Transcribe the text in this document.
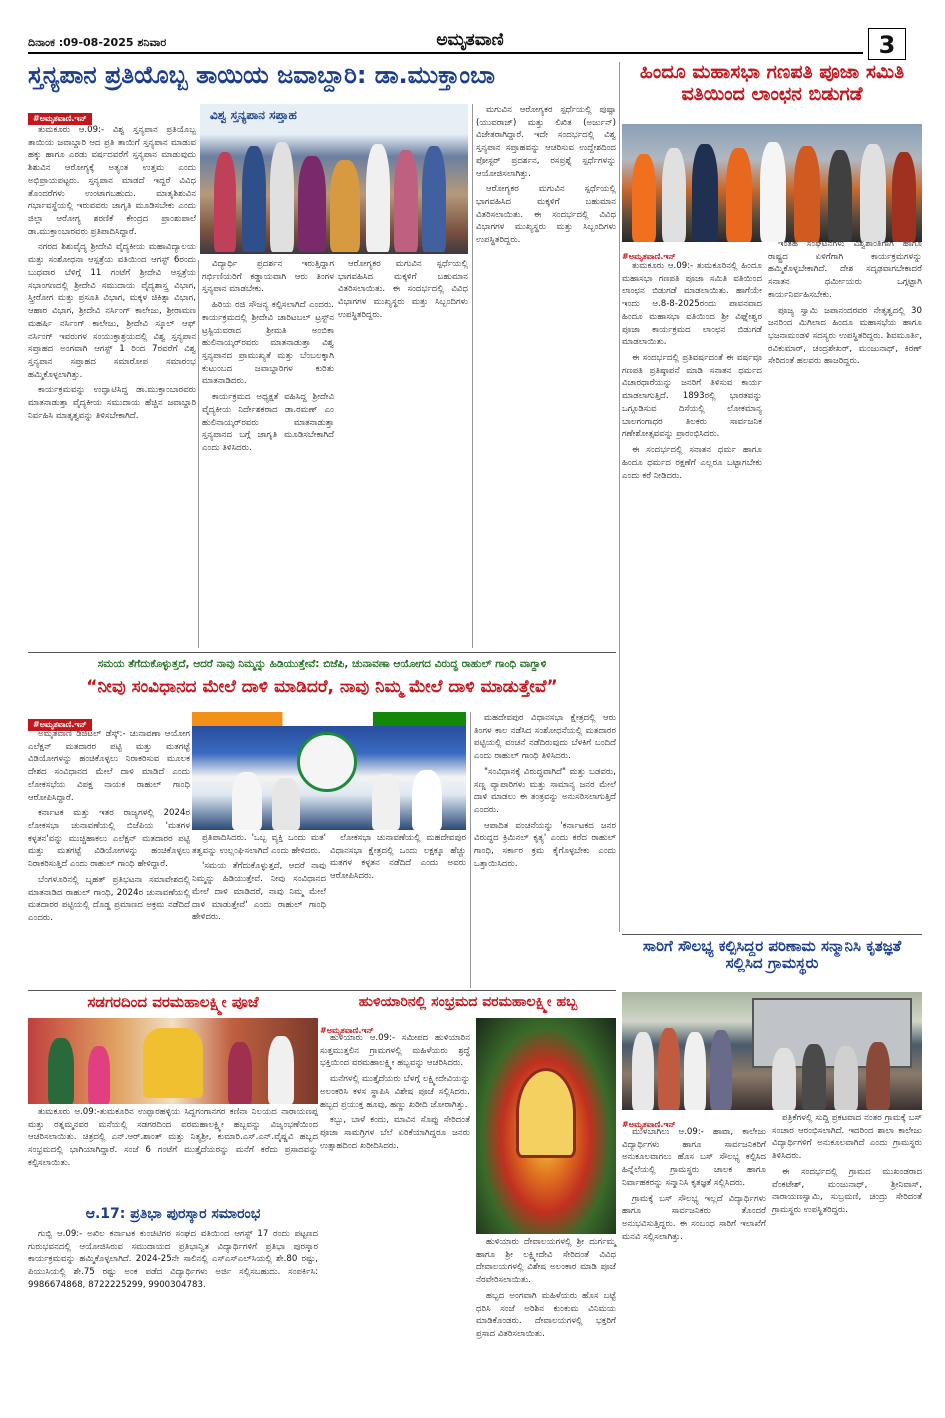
ದಿನಾಂಕ :09-08-2025 ಶನಿವಾರ	ಅಮೃತವಾಣಿ	3
ಸ್ತನ್ಯಪಾನ ಪ್ರತಿಯೊಬ್ಬ ತಾಯಿಯ ಜವಾಬ್ದಾರಿ: ಡಾ.ಮುಕ್ತಾಂಬಾ	ಹಿಂದೂ ಮಹಾಸಭಾ ಗಣಪತಿ ಪೂಜಾ ಸಮಿತಿ ವತಿಯಿಂದ ಲಾಂಛನ ಬಿಡುಗಡೆ
#ಅಮೃತವಾಣಿ.ಇನ್	ವಿಶ್ವ ಸ್ತನ್ಯಪಾನ ಸಪ್ತಾಹ
#ಅಮೃತವಾಣಿ.ಇನ್

ತುಮಕೂರು ಆ.09:- ವಿಶ್ವ ಸ್ತನ್ಯಪಾನ ಪ್ರತಿಯೊಬ್ಬ ತಾಯಿಯ ಜವಾಬ್ದಾರಿ ಆದ ಪ್ರತಿ ತಾಯಿಗೆ ಸ್ತನ್ಯಪಾನ ಮಾಡುವ ಹಕ್ಕು ಹಾಗೂ ಎರಡು ವರ್ಷದವರೆಗೆ ಸ್ತನ್ಯಪಾನ ಮಾಡುವುದು ಶಿಶುವಿನ ಆರೋಗ್ಯಕ್ಕೆ ಅತ್ಯಂತ ಉತ್ತಮ ಎಂದು ಅಭಿಪ್ರಾಯಪಟ್ಟರು. ಸ್ತನ್ಯಪಾನ ಮಾಡದೆ ಇದ್ದರೆ ವಿವಿಧ ತೊಂದರೆಗಳು ಉಂಟಾಗಬಹುದು. ಮಾತೃಶಿಶುವಿನ ಗರ್ಭಾವಸ್ಥೆಯಲ್ಲಿ ಇರುವವರು ಜಾಗೃತಿ ಮೂಡಿಸಬೇಕು ಎಂದು ಜಿಲ್ಲಾ ಆರೋಗ್ಯ ಶರಣಿಕೆ ಕೇಂದ್ರದ ಪ್ರಾಂಶುಪಾಲೆ ಡಾ.ಮುಕ್ತಾಂಬಾರವರು ಪ್ರತಿಪಾದಿಸಿದ್ದಾರೆ.

ನಗರದ ಶಿಶುವೈದ್ಯ ಶ್ರೀದೇವಿ ವೈದ್ಯಕೀಯ ಮಹಾವಿದ್ಯಾಲಯ ಮತ್ತು ಸಂಶೋಧನಾ ಆಸ್ಪತ್ರೆಯ ವತಿಯಿಂದ ಆಗಸ್ಟ್ 6ರಂದು ಬುಧವಾರ ಬೆಳಿಗ್ಗೆ 11 ಗಂಟೆಗೆ ಶ್ರೀದೇವಿ ಆಸ್ಪತ್ರೆಯ ಸಭಾಂಗಣದಲ್ಲಿ ಶ್ರೀದೇವಿ ಸಮುದಾಯ ವೈದ್ಯಶಾಸ್ತ್ರ ವಿಭಾಗ, ಸ್ತ್ರೀರೋಗ ಮತ್ತು ಪ್ರಸೂತಿ ವಿಭಾಗ, ಮಕ್ಕಳ ಚಿಕಿತ್ಸಾ ವಿಭಾಗ, ಆಹಾರ ವಿಭಾಗ, ಶ್ರೀದೇವಿ ನರ್ಸಿಂಗ್ ಕಾಲೇಜು, ಶ್ರೀರಾಮಣ ಮಹರ್ಷಿ ನರ್ಸಿಂಗ್ ಕಾಲೇಜು, ಶ್ರೀದೇವಿ ಸ್ಕೂಲ್ ಆಫ್ ನರ್ಸಿಂಗ್ ಇವರುಗಳ ಸಂಯುಕ್ತಾಶ್ರಯದಲ್ಲಿ ವಿಶ್ವ ಸ್ತನ್ಯಪಾನ ಸಪ್ತಾಹದ ಅಂಗವಾಗಿ ಆಗಸ್ಟ್ 1 ರಿಂದ 7ರವರೆಗೆ ವಿಶ್ವ ಸ್ತನ್ಯಪಾನ ಸಪ್ತಾಹದ ಸಮಾರೋಪ ಸಮಾರಂಭ ಹಮ್ಮಿಕೊಳ್ಳಲಾಗಿತ್ತು.

ಕಾರ್ಯಕ್ರಮವನ್ನು ಉದ್ಘಾಟಿಸಿದ್ದ ಡಾ.ಮುಕ್ತಾಂಬಾರವರು ಮಾತನಾಡುತ್ತಾ ವೈದ್ಯಕೀಯ ಸಮುದಾಯ ಹೆಚ್ಚಿನ ಜವಾಬ್ದಾರಿ ನಿರ್ವಹಿಸಿ ಮಾತೃತ್ವವನ್ನು ತಿಳಿಸಬೇಕಾಗಿದೆ.

ವಿದ್ಯಾರ್ಥಿ ಪ್ರದರ್ಶನ ಇರುತ್ತಿದ್ದಾಗ ಗರ್ಭಿಣಿಯರಿಗೆ ಕಡ್ಡಾಯವಾಗಿ ಆರು ತಿಂಗಳ ಸ್ತನ್ಯಪಾನ ಮಾಡಬೇಕು.

ಹಿರಿಯ ರಜಿ ಸೌಜನ್ಯ ಕಲ್ಪಿಸಲಾಗಿದೆ ಎಂದರು. ಕಾರ್ಯಕ್ರಮದಲ್ಲಿ ಶ್ರೀದೇವಿ ಚಾರಿಟಬಲ್ ಟ್ರಸ್ಟ್‌ನ ಟ್ರಸ್ಟಿಯವರಾದ ಶ್ರೀಮತಿ ಅಂಬಿಕಾ ಹುಲಿನಾಯ್ಕರ್‌ರವರು ಮಾತನಾಡುತ್ತಾ ವಿಶ್ವ ಸ್ತನ್ಯಪಾನದ ಪ್ರಾಮುಖ್ಯತೆ ಮತ್ತು ಬೆಂಬಲಕ್ಕಾಗಿ ಕುಟುಂಬದ ಜವಾಬ್ದಾರಿಗಳ ಕುರಿತು ಮಾತನಾಡಿದರು.

ಕಾರ್ಯಕ್ರಮದ ಅಧ್ಯಕ್ಷತೆ ವಹಿಸಿದ್ದ ಶ್ರೀದೇವಿ ವೈದ್ಯಕೀಯ ನಿರ್ದೇಶಕರಾದ ಡಾ.ರಮಣ್ ಎಂ ಹುಲಿನಾಯ್ಕರ್‌ರವರು ಮಾತನಾಡುತ್ತಾ ಸ್ತನ್ಯಪಾನದ ಬಗ್ಗೆ ಜಾಗೃತಿ ಮೂಡಿಸಬೇಕಾಗಿದೆ ಎಂದು ತಿಳಿಸಿದರು.

ಆರೋಗ್ಯಕರ ಮಗುವಿನ ಸ್ಪರ್ಧೆಯಲ್ಲಿ ಭಾಗವಹಿಸಿದ ಮಕ್ಕಳಿಗೆ ಬಹುಮಾನ ವಿತರಿಸಲಾಯಿತು. ಈ ಸಂದರ್ಭದಲ್ಲಿ ವಿವಿಧ ವಿಭಾಗಗಳ ಮುಖ್ಯಸ್ಥರು ಮತ್ತು ಸಿಬ್ಬಂದಿಗಳು ಉಪಸ್ಥಿತರಿದ್ದರು.

ಮಗುವಿನ ಆರೋಗ್ಯಕರ ಸ್ಪರ್ಧೆಯಲ್ಲಿ ಪುಷ್ಪಾ (ಯುವರಾಜ್) ಮತ್ತು ಲಿಖಿತ (ಅರ್ಜುನ್) ವಿಜೇತರಾಗಿದ್ದಾರೆ. ಇದೇ ಸಂದರ್ಭದಲ್ಲಿ ವಿಶ್ವ ಸ್ತನ್ಯಪಾನ ಸಪ್ತಾಹವನ್ನು ಆಚರಿಸುವ ಉದ್ದೇಶದಿಂದ ಪೋಸ್ಟರ್ ಪ್ರದರ್ಶನ, ರಸಪ್ರಶ್ನೆ ಸ್ಪರ್ಧೆಗಳನ್ನು ಆಯೋಜಿಸಲಾಗಿತ್ತು.

ಆರೋಗ್ಯಕರ ಮಗುವಿನ ಸ್ಪರ್ಧೆಯಲ್ಲಿ ಭಾಗವಹಿಸಿದ ಮಕ್ಕಳಿಗೆ ಬಹುಮಾನ ವಿತರಿಸಲಾಯಿತು. ಈ ಸಂದರ್ಭದಲ್ಲಿ ವಿವಿಧ ವಿಭಾಗಗಳ ಮುಖ್ಯಸ್ಥರು ಮತ್ತು ಸಿಬ್ಬಂದಿಗಳು ಉಪಸ್ಥಿತರಿದ್ದರು.

ತುಮಕೂರು ಆ.09:- ತುಮಕೂರಿನಲ್ಲಿ ಹಿಂದೂ ಮಹಾಸಭಾ ಗಣಪತಿ ಪೂಜಾ ಸಮಿತಿ ವತಿಯಿಂದ ಲಾಂಛನ ಬಿಡುಗಡೆ ಮಾಡಲಾಯಿತು. ಹಾಗೆಯೇ ಇಂದು ಆ.8-8-2025ರಂದು ಪಾವನವಾದ ಹಿಂದೂ ಮಹಾಸಭಾ ವತಿಯಿಂದ ಶ್ರೀ ವಿಘ್ನೇಶ್ವರ ಪೂಜಾ ಕಾರ್ಯಕ್ರಮದ ಲಾಂಛನ ಬಿಡುಗಡೆ ಮಾಡಲಾಯಿತು.

ಈ ಸಂದರ್ಭದಲ್ಲಿ ಪ್ರತಿವರ್ಷದಂತೆ ಈ ವರ್ಷವೂ ಗಣಪತಿ ಪ್ರತಿಷ್ಠಾಪನೆ ಮಾಡಿ ಸನಾತನ ಧರ್ಮದ ವಿಚಾರಧಾರೆಯನ್ನು ಜನರಿಗೆ ತಿಳಿಸುವ ಕಾರ್ಯ ಮಾಡಲಾಗುತ್ತಿದೆ. 1893ರಲ್ಲಿ ಭಾರತವನ್ನು ಒಗ್ಗೂಡಿಸುವ ದಿಸೆಯಲ್ಲಿ ಲೋಕಮಾನ್ಯ ಬಾಲಗಂಗಾಧರ ತಿಲಕರು ಸಾರ್ವಜನಿಕ ಗಣೇಶೋತ್ಸವವನ್ನು ಪ್ರಾರಂಭಿಸಿದರು.

ಈ ಸಂದರ್ಭದಲ್ಲಿ ಸನಾತನ ಧರ್ಮ ಹಾಗೂ ಹಿಂದೂ ಧರ್ಮದ ರಕ್ಷಣೆಗೆ ಎಲ್ಲರೂ ಒಟ್ಟಾಗಬೇಕು ಎಂದು ಕರೆ ನೀಡಿದರು.

ಇಂತಹ ಸಂಘಟನೆಗಳು ವಿಶ್ವಶಾಂತಿಗಾಗಿ ಹಾಗೂ ರಾಷ್ಟ್ರದ ಏಳಿಗೆಗಾಗಿ ಕಾರ್ಯಕ್ರಮಗಳನ್ನು ಹಮ್ಮಿಕೊಳ್ಳಬೇಕಾಗಿದೆ. ದೇಶ ಸದೃಢವಾಗಬೇಕಾದರೆ ಸನಾತನ ಧರ್ಮೀಯರು ಒಗ್ಗಟ್ಟಾಗಿ ಕಾರ್ಯನಿರ್ವಹಿಸಬೇಕು.

ಪೂಜ್ಯ ಸ್ವಾಮಿ ಜಪಾನಂದರವರ ನೇತೃತ್ವದಲ್ಲಿ 30 ಜನರಿಂದ ಮಿಗಿಲಾದ ಹಿಂದೂ ಮಹಾಸಭೆಯ ಹಾಗೂ ಭಜನಾಮಂಡಳಿ ಸದಸ್ಯರು ಉಪಸ್ಥಿತರಿದ್ದರು. ಶಿವಮೂರ್ತಿ, ರವಿಕುಮಾರ್, ಚಂದ್ರಶೇಖರ್, ಮಂಜುನಾಥ್, ಕಿರಣ್ ಸೇರಿದಂತೆ ಹಲವರು ಹಾಜರಿದ್ದರು.

ಸಮಯ ತೆಗೆದುಕೊಳ್ಳುತ್ತದೆ, ಆದರೆ ನಾವು ನಿಮ್ಮನ್ನು ಹಿಡಿಯುತ್ತೇವೆ: ಬಿಜೆಪಿ, ಚುನಾವಣಾ ಆಯೋಗದ ವಿರುದ್ಧ ರಾಹುಲ್ ಗಾಂಧಿ ವಾಗ್ದಾಳಿ
“ನೀವು ಸಂವಿಧಾನದ ಮೇಲೆ ದಾಳಿ ಮಾಡಿದರೆ, ನಾವು ನಿಮ್ಮ ಮೇಲೆ ದಾಳಿ ಮಾಡುತ್ತೇವೆ”
#ಅಮೃತವಾಣಿ.ಇನ್

ಅಮೃತವಾಣಿ ಡಿಜಿಟಲ್ ಡೆಸ್ಕ್:- ಚುನಾವಣಾ ಆಯೋಗ ಎಲೆಕ್ಷನ್ ಮತದಾರರ ಪಟ್ಟಿ ಮತ್ತು ಮತಗಟ್ಟೆ ವಿಡಿಯೋಗಳನ್ನು ಹಂಚಿಕೊಳ್ಳಲು ನಿರಾಕರಿಸುವ ಮೂಲಕ ದೇಶದ ಸಂವಿಧಾನದ ಮೇಲೆ ದಾಳಿ ಮಾಡಿದೆ ಎಂದು ಲೋಕಸಭೆಯ ವಿಪಕ್ಷ ನಾಯಕ ರಾಹುಲ್ ಗಾಂಧಿ ಆರೋಪಿಸಿದ್ದಾರೆ.

ಕರ್ನಾಟಕ ಮತ್ತು ಇತರ ರಾಜ್ಯಗಳಲ್ಲಿ 2024ರ ಲೋಕಸಭಾ ಚುನಾವಣೆಯಲ್ಲಿ ಬಿಜೆಪಿಯ 'ಮತಗಳ ಕಳ್ಳತನ'ವನ್ನು ಮುಚ್ಚಿಹಾಕಲು ಎಲೆಕ್ಷನ್ ಮತದಾರರ ಪಟ್ಟಿ ಮತ್ತು ಮತಗಟ್ಟೆ ವಿಡಿಯೋಗಳನ್ನು ಹಂಚಿಕೊಳ್ಳಲು ನಿರಾಕರಿಸುತ್ತಿದೆ ಎಂದು ರಾಹುಲ್ ಗಾಂಧಿ ಹೇಳಿದ್ದಾರೆ.

ಬೆಂಗಳೂರಿನಲ್ಲಿ ಬೃಹತ್ ಪ್ರತಿಭಟನಾ ಸಮಾವೇಶದಲ್ಲಿ ಮಾತನಾಡಿದ ರಾಹುಲ್ ಗಾಂಧಿ, 2024ರ ಚುನಾವಣೆಯಲ್ಲಿ ಮತದಾರರ ಪಟ್ಟಿಯಲ್ಲಿ ದೊಡ್ಡ ಪ್ರಮಾಣದ ಅಕ್ರಮ ನಡೆದಿದೆ ಎಂದರು.

ಪ್ರತಿಪಾದಿಸಿದರು. 'ಒಬ್ಬ ವ್ಯಕ್ತಿ ಒಂದು ಮತ' ತತ್ವವನ್ನು ಉಲ್ಲಂಘಿಸಲಾಗಿದೆ ಎಂದು ಹೇಳಿದರು.

'ಸಮಯ ತೆಗೆದುಕೊಳ್ಳುತ್ತದೆ, ಆದರೆ ನಾವು ನಿಮ್ಮನ್ನು ಹಿಡಿಯುತ್ತೇವೆ. ನೀವು ಸಂವಿಧಾನದ ಮೇಲೆ ದಾಳಿ ಮಾಡಿದರೆ, ನಾವು ನಿಮ್ಮ ಮೇಲೆ ದಾಳಿ ಮಾಡುತ್ತೇವೆ' ಎಂದು ರಾಹುಲ್ ಗಾಂಧಿ ಹೇಳಿದರು.

ಲೋಕಸಭಾ ಚುನಾವಣೆಯಲ್ಲಿ ಮಹದೇವಪುರ ವಿಧಾನಸಭಾ ಕ್ಷೇತ್ರದಲ್ಲಿ ಒಂದು ಲಕ್ಷಕ್ಕೂ ಹೆಚ್ಚು ಮತಗಳ ಕಳ್ಳತನ ನಡೆದಿದೆ ಎಂದು ಅವರು ಆರೋಪಿಸಿದರು.

ಮಹದೇವಪುರ ವಿಧಾನಸಭಾ ಕ್ಷೇತ್ರದಲ್ಲಿ ಆರು ತಿಂಗಳ ಕಾಲ ನಡೆಸಿದ ಸಂಶೋಧನೆಯಲ್ಲಿ ಮತದಾರರ ಪಟ್ಟಿಯಲ್ಲಿ ವಂಚನೆ ನಡೆದಿರುವುದು ಬೆಳಕಿಗೆ ಬಂದಿದೆ ಎಂದು ರಾಹುಲ್ ಗಾಂಧಿ ತಿಳಿಸಿದರು.

"ಸಂವಿಧಾನಕ್ಕೆ ವಿರುದ್ಧವಾಗಿದೆ" ಮತ್ತು ಬಡವರು, ಸಣ್ಣ ವ್ಯಾಪಾರಿಗಳು ಮತ್ತು ಸಾಮಾನ್ಯ ಜನರ ಮೇಲೆ ದಾಳಿ ಮಾಡಲು ಈ ತಂತ್ರವನ್ನು ಅನುಸರಿಸಲಾಗುತ್ತಿದೆ ಎಂದರು.

ಆಪಾದಿತ ವಂಚನೆಯನ್ನು 'ಕರ್ನಾಟಕದ ಜನರ ವಿರುದ್ಧದ ಕ್ರಿಮಿನಲ್ ಕೃತ್ಯ' ಎಂದು ಕರೆದ ರಾಹುಲ್ ಗಾಂಧಿ, ಸರ್ಕಾರ ಕ್ರಮ ಕೈಗೊಳ್ಳಬೇಕು ಎಂದು ಒತ್ತಾಯಿಸಿದರು.

ಸಾರಿಗೆ ಸೌಲಭ್ಯ ಕಲ್ಪಿಸಿದ್ದರ ಪರಿಣಾಮ ಸನ್ಮಾನಿಸಿ ಕೃತಜ್ಞತೆ ಸಲ್ಲಿಸಿದ ಗ್ರಾಮಸ್ಥರು
#ಅಮೃತವಾಣಿ.ಇನ್

ಮುಳಬಾಗಿಲು ಆ.09:- ಹಾವಾ, ಕಾಲೇಜು ವಿದ್ಯಾರ್ಥಿಗಳು ಹಾಗೂ ಸಾರ್ವಜನಿಕರಿಗೆ ಅನುಕೂಲವಾಗಲು ಹೊಸ ಬಸ್ ಸೌಲಭ್ಯ ಕಲ್ಪಿಸಿದ ಹಿನ್ನೆಲೆಯಲ್ಲಿ ಗ್ರಾಮಸ್ಥರು ಚಾಲಕ ಹಾಗೂ ನಿರ್ವಾಹಕರನ್ನು ಸನ್ಮಾನಿಸಿ ಕೃತಜ್ಞತೆ ಸಲ್ಲಿಸಿದರು.

ಗ್ರಾಮಕ್ಕೆ ಬಸ್ ಸೌಲಭ್ಯ ಇಲ್ಲದೆ ವಿದ್ಯಾರ್ಥಿಗಳು ಹಾಗೂ ಸಾರ್ವಜನಿಕರು ತೊಂದರೆ ಅನುಭವಿಸುತ್ತಿದ್ದರು. ಈ ಸಂಬಂಧ ಸಾರಿಗೆ ಇಲಾಖೆಗೆ ಮನವಿ ಸಲ್ಲಿಸಲಾಗಿತ್ತು.

ಪತ್ರಿಕೆಗಳಲ್ಲಿ ಸುದ್ದಿ ಪ್ರಕಟವಾದ ನಂತರ ಗ್ರಾಮಕ್ಕೆ ಬಸ್ ಸಂಚಾರ ಆರಂಭಿಸಲಾಗಿದೆ. ಇದರಿಂದ ಶಾಲಾ ಕಾಲೇಜು ವಿದ್ಯಾರ್ಥಿಗಳಿಗೆ ಅನುಕೂಲವಾಗಿದೆ ಎಂದು ಗ್ರಾಮಸ್ಥರು ತಿಳಿಸಿದರು.

ಈ ಸಂದರ್ಭದಲ್ಲಿ ಗ್ರಾಮದ ಮುಖಂಡರಾದ ವೆಂಕಟೇಶ್, ಮಂಜುನಾಥ್, ಶ್ರೀನಿವಾಸ್, ನಾರಾಯಣಸ್ವಾಮಿ, ಸುಬ್ರಮಣಿ, ಚಂದ್ರು ಸೇರಿದಂತೆ ಗ್ರಾಮಸ್ಥರು ಉಪಸ್ಥಿತರಿದ್ದರು.

ಸಡಗರದಿಂದ ವರಮಹಾಲಕ್ಷ್ಮೀ ಪೂಜೆ

ತುಮಕೂರು ಆ.09:-ತುಮಕೂರಿನ ಉಪ್ಪಾರಹಳ್ಳಿಯ ಸಿದ್ದಗಂಗಾನಗರ ಕಣಿನಾ ನಿಲಯದ ನಾರಾಯಣಪ್ಪ ಮತ್ತು ರತ್ನಮ್ಮನವರ ಮನೆಯಲ್ಲಿ ಸಡಗರದಿಂದ ವರಮಹಾಲಕ್ಷ್ಮೀ ಹಬ್ಬವನ್ನು ವಿಜೃಂಭಣೆಯಿಂದ ಆಚರಿಸಲಾಯಿತು. ಚಿತ್ರದಲ್ಲಿ ಎನ್.ಆರ್.ಶಾಂತ್ ಮತ್ತು ನಿತ್ಯಶ್ರೀ, ಕುಮಾರಿ.ಎಸ್.ಎನ್.ವೈಷ್ಣವಿ ಹಬ್ಬದ ಸಂಭ್ರಮದಲ್ಲಿ ಭಾಗಿಯಾಗಿದ್ದಾರೆ. ಸಂಜೆ 6 ಗಂಟೆಗೆ ಮುತ್ತೈದೆಯರನ್ನು ಮನೆಗೆ ಕರೆದು ಪ್ರಸಾದವನ್ನು ಕಲ್ಪಿಸಲಾಯಿತು.

ಆ.17: ಪ್ರತಿಭಾ ಪುರಸ್ಕಾರ ಸಮಾರಂಭ

ಗುಬ್ಬಿ ಆ.09:- ಅಖಿಲ ಕರ್ನಾಟಕ ಕುಂಚಿಟಿಗರ ಸಂಘದ ವತಿಯಿಂದ ಆಗಸ್ಟ್ 17 ರಂದು ಪಟ್ಟಣದ ಗುರುಭವನದಲ್ಲಿ ಆಯೋಜಿಸಿರುವ ಸಮುದಾಯದ ಪ್ರತಿಭಾನ್ವಿತ ವಿದ್ಯಾರ್ಥಿಗಳಿಗೆ ಪ್ರತಿಭಾ ಪುರಸ್ಕಾರ ಕಾರ್ಯಕ್ರಮವನ್ನು ಹಮ್ಮಿಕೊಳ್ಳಲಾಗಿದೆ. 2024-25ನೇ ಸಾಲಿನಲ್ಲಿ ಎಸ್ಎಸ್ಎಲ್‌ಸಿಯಲ್ಲಿ ಶೇ.80 ರಷ್ಟು, ಪಿಯುಸಿಯಲ್ಲಿ ಶೇ.75 ರಷ್ಟು ಅಂಕ ಪಡೆದ ವಿದ್ಯಾರ್ಥಿಗಳು ಅರ್ಜಿ ಸಲ್ಲಿಸಬಹುದು. ಸಂಪರ್ಕಿಸಿ: 9986674868, 8722225299, 9900304783.

ಹುಳಿಯಾರಿನಲ್ಲಿ ಸಂಭ್ರಮದ ವರಮಹಾಲಕ್ಷ್ಮೀ ಹಬ್ಬ
#ಅಮೃತವಾಣಿ.ಇನ್

ಹುಳಿಯಾರು ಆ.09:- ಸಮೀಪದ ಹುಳಿಯಾರಿನ ಸುತ್ತಮುತ್ತಲಿನ ಗ್ರಾಮಗಳಲ್ಲಿ ಮಹಿಳೆಯರು ಶ್ರದ್ಧೆ ಭಕ್ತಿಯಿಂದ ವರಮಹಾಲಕ್ಷ್ಮೀ ಹಬ್ಬವನ್ನು ಆಚರಿಸಿದರು.

ಮನೆಗಳಲ್ಲಿ ಮುತ್ತೈದೆಯರು ಬೆಳಗ್ಗೆ ಲಕ್ಷ್ಮೀದೇವಿಯನ್ನು ಅಲಂಕರಿಸಿ ಕಳಸ ಸ್ಥಾಪಿಸಿ ವಿಶೇಷ ಪೂಜೆ ಸಲ್ಲಿಸಿದರು. ಹಬ್ಬದ ಪ್ರಯುಕ್ತ ಹೂವು, ಹಣ್ಣು ಖರೀದಿ ಜೋರಾಗಿತ್ತು.

ಕಬ್ಬು, ಬಾಳೆ ಕಂದು, ಮಾವಿನ ಸೊಪ್ಪು ಸೇರಿದಂತೆ ಪೂಜಾ ಸಾಮಗ್ರಿಗಳ ಬೆಲೆ ಏರಿಕೆಯಾಗಿದ್ದರೂ ಜನರು ಉತ್ಸಾಹದಿಂದ ಖರೀದಿಸಿದರು.

ಹುಳಿಯಾರು ದೇವಾಲಯಗಳಲ್ಲಿ ಶ್ರೀ ದುರ್ಗಮ್ಮ ಹಾಗೂ ಶ್ರೀ ಲಕ್ಷ್ಮೀದೇವಿ ಸೇರಿದಂತೆ ವಿವಿಧ ದೇವಾಲಯಗಳಲ್ಲಿ ವಿಶೇಷ ಅಲಂಕಾರ ಮಾಡಿ ಪೂಜೆ ನೆರವೇರಿಸಲಾಯಿತು.

ಹಬ್ಬದ ಅಂಗವಾಗಿ ಮಹಿಳೆಯರು ಹೊಸ ಬಟ್ಟೆ ಧರಿಸಿ ಸಂಜೆ ಅರಿಶಿನ ಕುಂಕುಮ ವಿನಿಮಯ ಮಾಡಿಕೊಂಡರು. ದೇವಾಲಯಗಳಲ್ಲಿ ಭಕ್ತರಿಗೆ ಪ್ರಸಾದ ವಿತರಿಸಲಾಯಿತು.
